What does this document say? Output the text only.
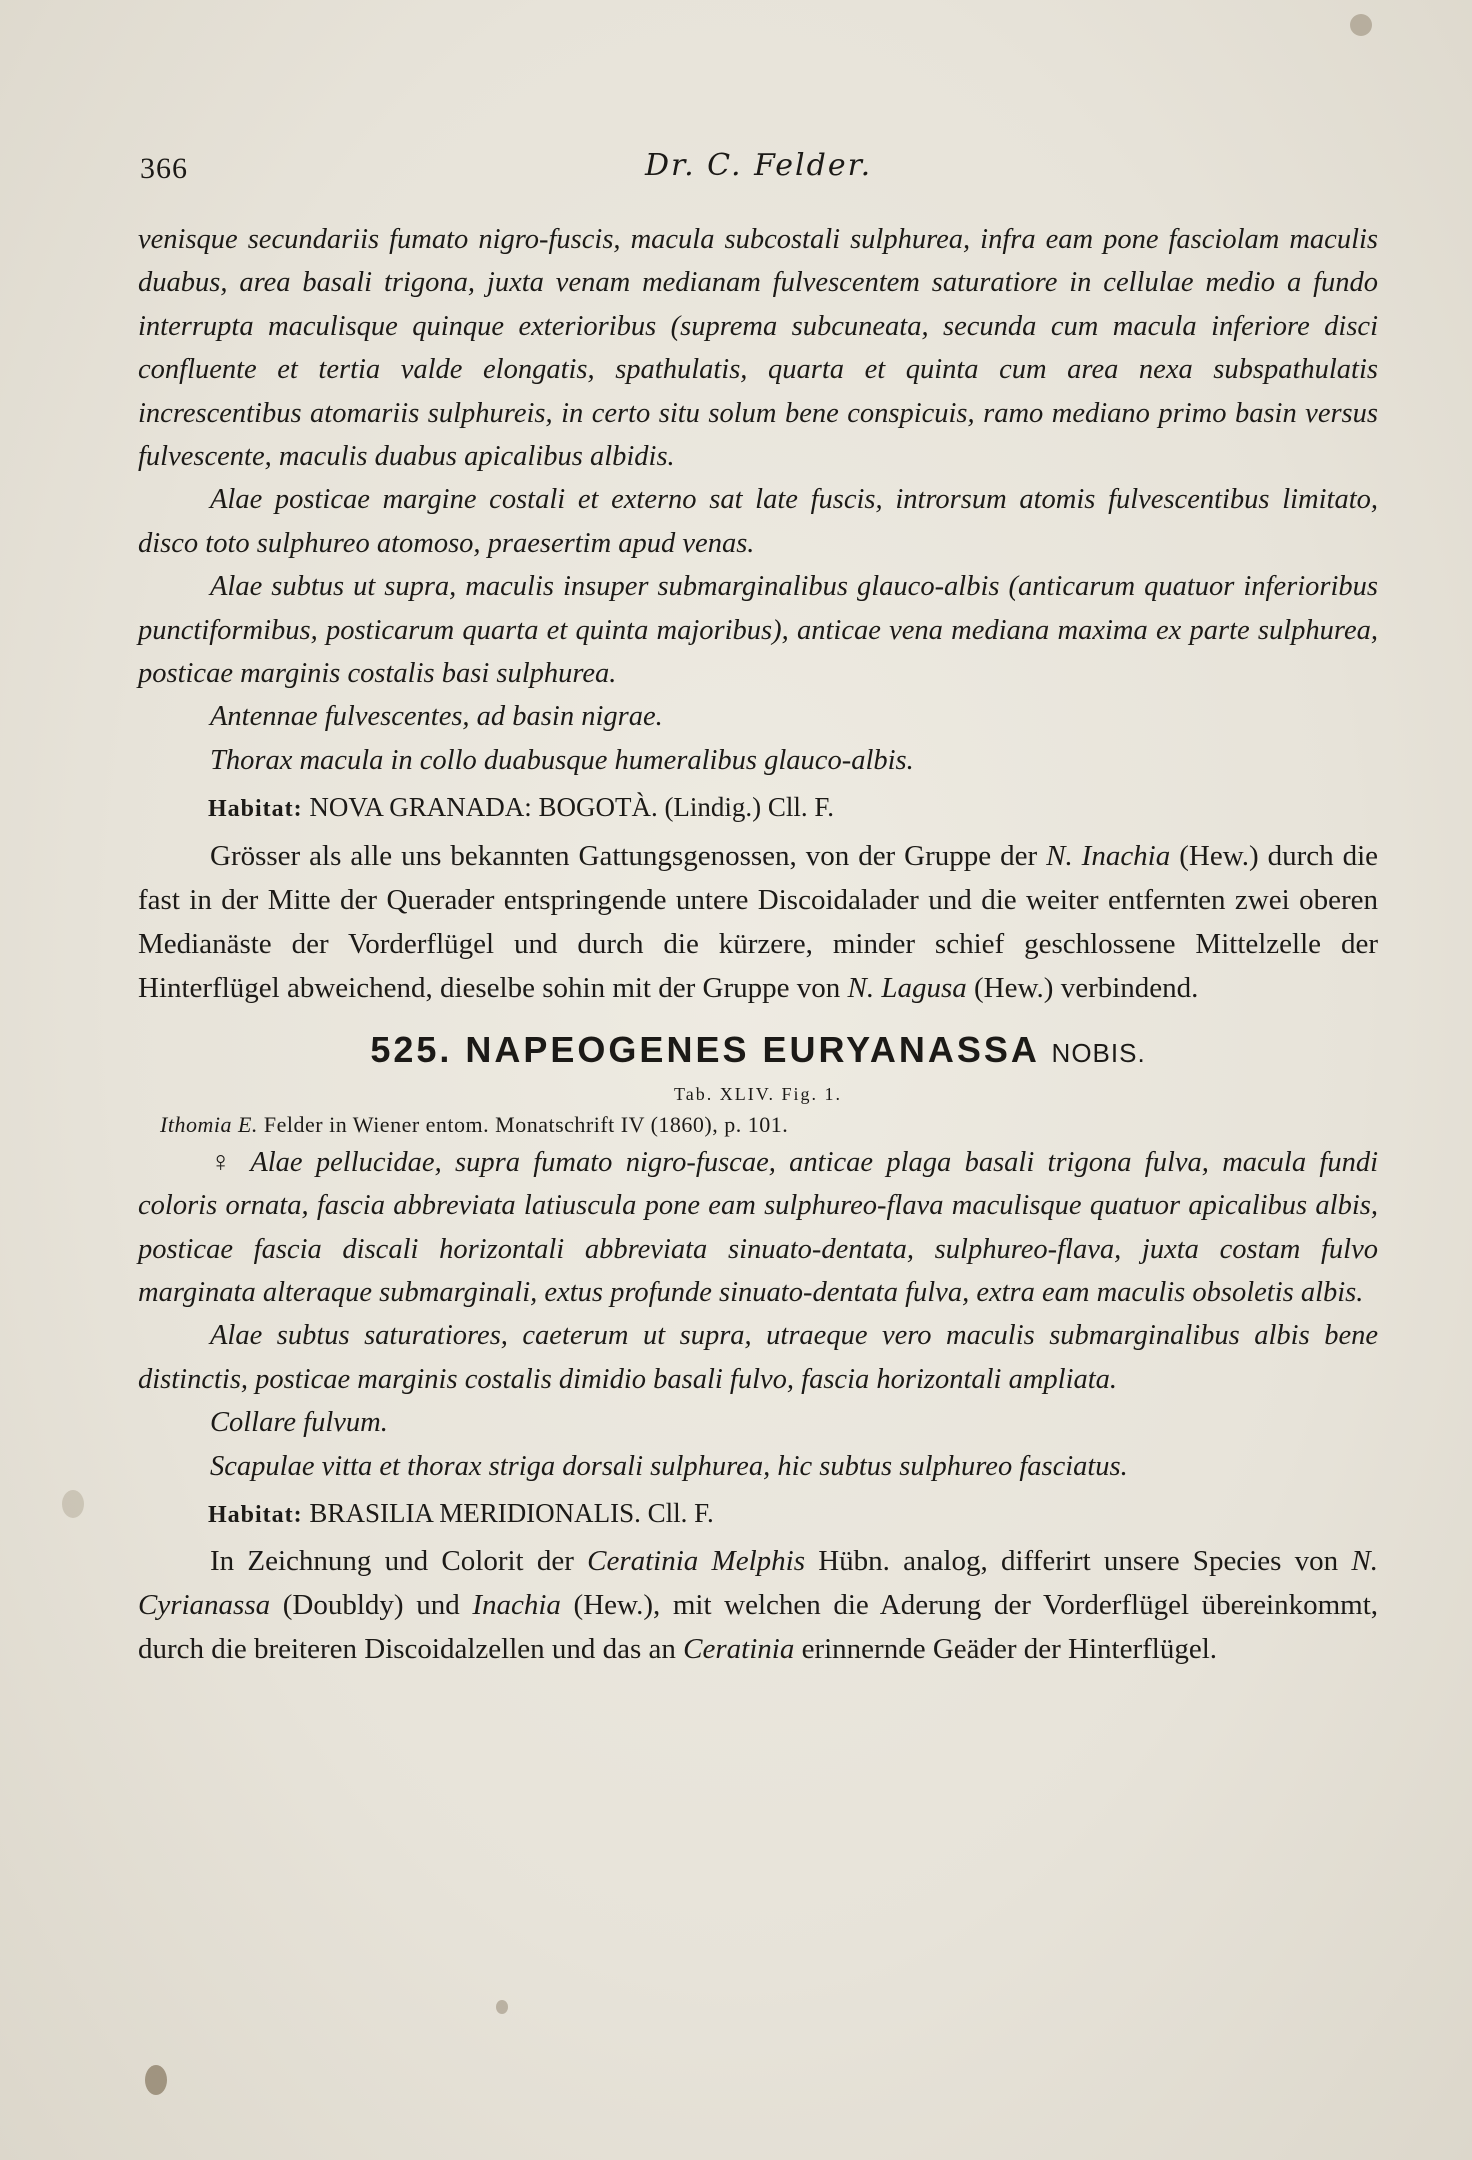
366	Dr. C. Felder.

venisque secundariis fumato nigro-fuscis, macula subcostali sulphurea, infra eam pone fasciolam maculis duabus, area basali trigona, juxta venam medianam fulvescentem saturatiore in cellulae medio a fundo interrupta maculisque quinque exterioribus (suprema subcuneata, secunda cum macula inferiore disci confluente et tertia valde elongatis, spathulatis, quarta et quinta cum area nexa subspathulatis increscentibus atomariis sulphureis, in certo situ solum bene conspicuis, ramo mediano primo basin versus fulvescente, maculis duabus apicalibus albidis.

Alae posticae margine costali et externo sat late fuscis, introrsum atomis fulvescentibus limitato, disco toto sulphureo atomoso, praesertim apud venas.

Alae subtus ut supra, maculis insuper submarginalibus glauco-albis (anticarum quatuor inferioribus punctiformibus, posticarum quarta et quinta majoribus), anticae vena mediana maxima ex parte sulphurea, posticae marginis costalis basi sulphurea.

Antennae fulvescentes, ad basin nigrae.

Thorax macula in collo duabusque humeralibus glauco-albis.

Habitat: NOVA GRANADA: BOGOTÀ. (Lindig.) Cll. F.

Grösser als alle uns bekannten Gattungsgenossen, von der Gruppe der N. Inachia (Hew.) durch die fast in der Mitte der Querader entspringende untere Discoidalader und die weiter entfernten zwei oberen Medianäste der Vorderflügel und durch die kürzere, minder schief geschlossene Mittelzelle der Hinterflügel abweichend, dieselbe sohin mit der Gruppe von N. Lagusa (Hew.) verbindend.

525. NAPEOGENES EURYANASSA NOBIS.
Tab. XLIV. Fig. 1.
Ithomia E. Felder in Wiener entom. Monatschrift IV (1860), p. 101.

♀ Alae pellucidae, supra fumato nigro-fuscae, anticae plaga basali trigona fulva, macula fundi coloris ornata, fascia abbreviata latiuscula pone eam sulphureo-flava maculisque quatuor apicalibus albis, posticae fascia discali horizontali abbreviata sinuato-dentata, sulphureo-flava, juxta costam fulvo marginata alteraque submarginali, extus profunde sinuato-dentata fulva, extra eam maculis obsoletis albis.

Alae subtus saturatiores, caeterum ut supra, utraeque vero maculis submarginalibus albis bene distinctis, posticae marginis costalis dimidio basali fulvo, fascia horizontali ampliata.

Collare fulvum.

Scapulae vitta et thorax striga dorsali sulphurea, hic subtus sulphureo fasciatus.

Habitat: BRASILIA MERIDIONALIS. Cll. F.

In Zeichnung und Colorit der Ceratinia Melphis Hübn. analog, differirt unsere Species von N. Cyrianassa (Doubldy) und Inachia (Hew.), mit welchen die Aderung der Vorderflügel übereinkommt, durch die breiteren Discoidalzellen und das an Ceratinia erinnernde Geäder der Hinterflügel.
